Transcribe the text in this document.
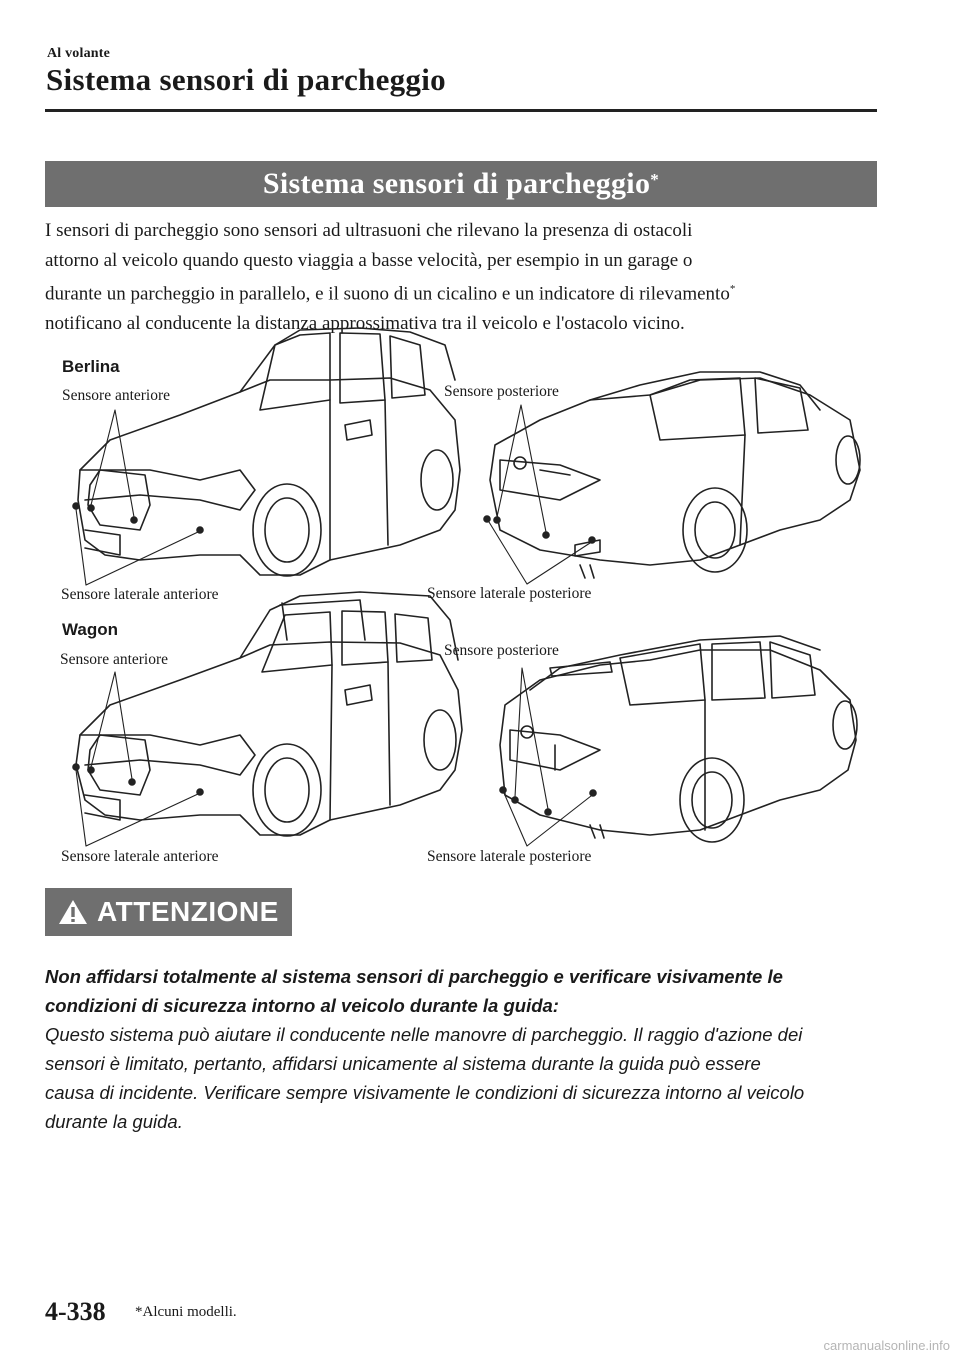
Al volante
Sistema sensori di parcheggio
Sistema sensori di parcheggio*
I sensori di parcheggio sono sensori ad ultrasuoni che rilevano la presenza di ostacoli
attorno al veicolo quando questo viaggia a basse velocità, per esempio in un garage o
durante un parcheggio in parallelo, e il suono di un cicalino e un indicatore di rilevamento*
notificano al conducente la distanza approssimativa tra il veicolo e l'ostacolo vicino.
Berlina
Sensore anteriore	Sensore posteriore
Sensore laterale anteriore	Sensore laterale posteriore
Wagon
Sensore anteriore
Sensore posteriore
Sensore laterale anteriore	Sensore laterale posteriore
ATTENZIONE
Non affidarsi totalmente al sistema sensori di parcheggio e verificare visivamente le
condizioni di sicurezza intorno al veicolo durante la guida:
Questo sistema può aiutare il conducente nelle manovre di parcheggio. Il raggio d'azione dei
sensori è limitato, pertanto, affidarsi unicamente al sistema durante la guida può essere
causa di incidente. Verificare sempre visivamente le condizioni di sicurezza intorno al veicolo
durante la guida.
4-338 *Alcuni modelli.
carmanualsonline.info
